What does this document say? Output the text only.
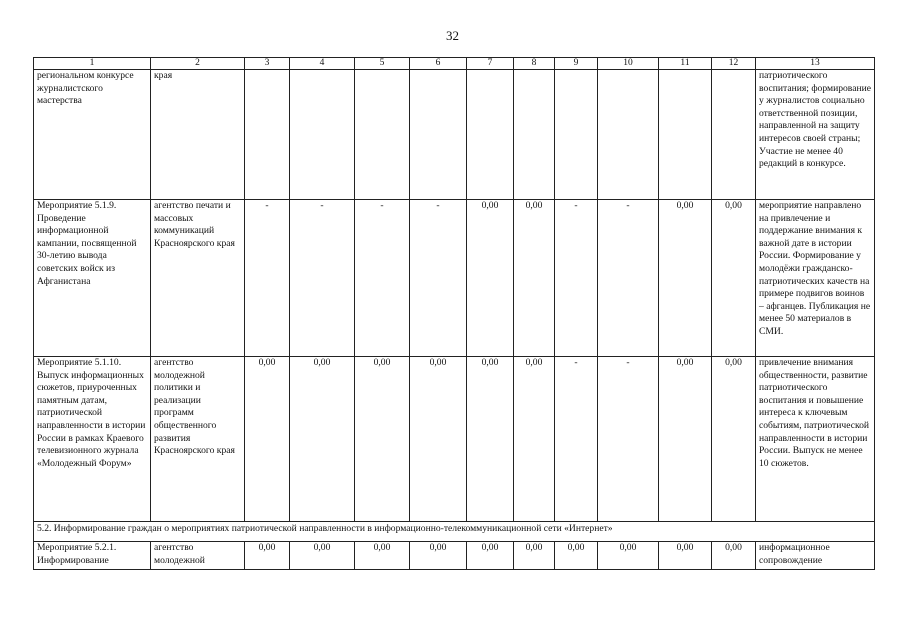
32
1	2	3	4	5	6	7	8	9	10	11	12	13
региональном конкурсе журналистского мастерства	края											патриотического воспитания; формирование у журналистов социально ответственной позиции, направленной на защиту интересов своей страны; Участие не менее 40 редакций в конкурсе.
Мероприятие 5.1.9. Проведение информационной кампании, посвященной 30-летию вывода советских войск из Афганистана	агентство печати и массовых коммуникаций Красноярского края	-	-	-	-	0,00	0,00	-	-	0,00	0,00	мероприятие направлено на привлечение и поддержание внимания к важной дате в истории России. Формирование у молодёжи гражданско-патриотических качеств на примере подвигов воинов – афганцев. Публикация не менее 50 материалов в СМИ.
Мероприятие 5.1.10. Выпуск информационных сюжетов, приуроченных памятным датам, патриотической направленности в истории России в рамках Краевого телевизионного журнала «Молодежный Форум»	агентство молодежной политики и реализации программ общественного развития Красноярского края	0,00	0,00	0,00	0,00	0,00	0,00	-	-	0,00	0,00	привлечение внимания общественности, развитие патриотического воспитания и повышение интереса к ключевым событиям, патриотической направленности в истории России. Выпуск не менее 10 сюжетов.
5.2. Информирование граждан о мероприятиях патриотической направленности в информационно-телекоммуникационной сети «Интернет»												
Мероприятие 5.2.1. Информирование	агентство молодежной	0,00	0,00	0,00	0,00	0,00	0,00	0,00	0,00	0,00	0,00	информационное сопровождение
